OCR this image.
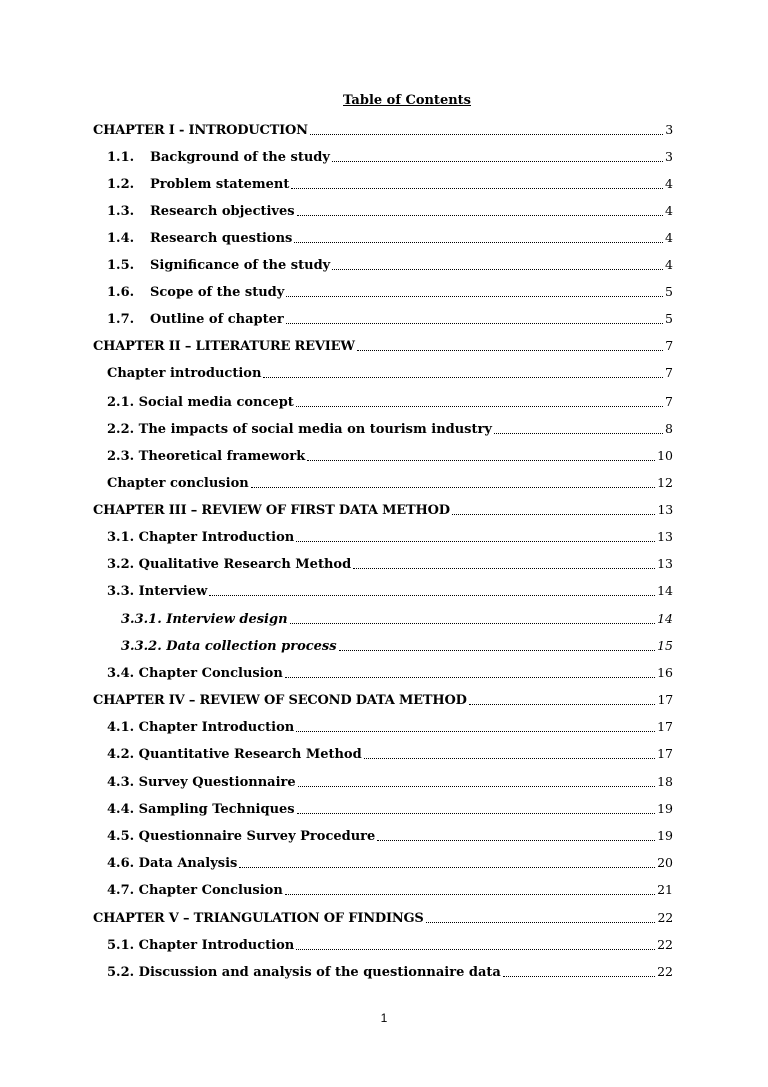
Table of Contents
CHAPTER I - INTRODUCTION	3
1.1.	Background of the study	3
1.2.	Problem statement	4
1.3.	Research objectives	4
1.4.	Research questions	4
1.5.	Significance of the study	4
1.6.	Scope of the study	5
1.7.	Outline of chapter	5
CHAPTER II – LITERATURE REVIEW	7
Chapter introduction	7
2.1. Social media concept	7
2.2. The impacts of social media on tourism industry	8
2.3. Theoretical framework	10
Chapter conclusion	12
CHAPTER III – REVIEW OF FIRST DATA METHOD	13
3.1. Chapter Introduction	13
3.2. Qualitative Research Method	13
3.3. Interview	14
3.3.1. Interview design	14
3.3.2. Data collection process	15
3.4. Chapter Conclusion	16
CHAPTER IV – REVIEW OF SECOND DATA METHOD	17
4.1. Chapter Introduction	17
4.2. Quantitative Research Method	17
4.3. Survey Questionnaire	18
4.4. Sampling Techniques	19
4.5. Questionnaire Survey Procedure	19
4.6. Data Analysis	20
4.7. Chapter Conclusion	21
CHAPTER V – TRIANGULATION OF FINDINGS	22
5.1. Chapter Introduction	22
5.2. Discussion and analysis of the questionnaire data	22
1
